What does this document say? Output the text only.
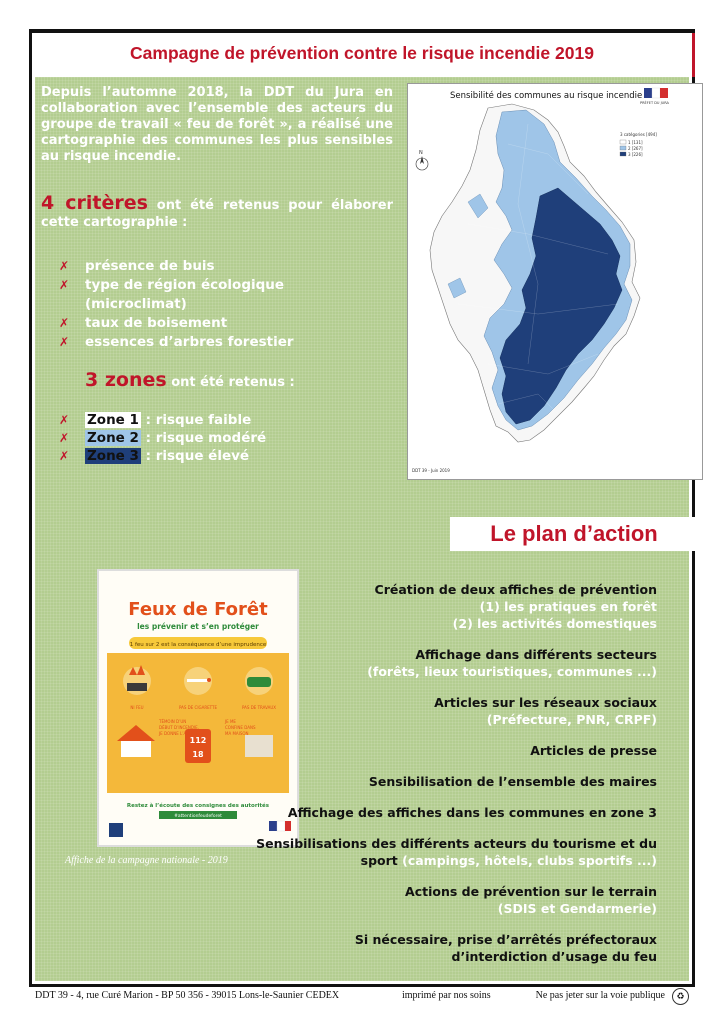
Campagne de prévention contre le risque incendie 2019
Depuis l’automne 2018, la DDT du Jura en collaboration avec l’ensemble des acteurs du groupe de travail « feu de forêt », a réalisé une cartographie des communes les plus sensibles au risque incendie.
4 critères ont été retenus pour élaborer cette cartographie :
✗ présence de buis
✗ type de région écologique (microclimat)
✗ taux de boisement
✗ essences d’arbres forestier
3 zones ont été retenus :
✗ Zone 1 : risque faible
✗ Zone 2 : risque modéré
✗ Zone 3 : risque élevé
Sensibilité des communes au risque incendie
PRÉFET DU JURA
3 catégories [494]
1 [131]
2 [267]
3 [226]
N
DDT 39 - Juin 2019
Le plan d’action
Feux de Forêt
les prévenir et s’en protéger
1 feu sur 2 est la conséquence d’une imprudence
112
18
NI FEU	PAS DE CIGARETTE	PAS DE TRAVAUX
TÉMOIN D’UN
DÉBUT D’INCENDIE,
JE DONNE L’ALERTE
JE ME
CONFINE DANS
MA MAISON
Restez à l’écoute des consignes des autorités
#attentionfeudeforet
Affiche de la campagne nationale - 2019
Création de deux affiches de prévention
(1) les pratiques en forêt
(2) les activités domestiques
Affichage dans différents secteurs
(forêts, lieux touristiques, communes ...)
Articles sur les réseaux sociaux
(Préfecture, PNR, CRPF)
Articles de presse
Sensibilisation de l’ensemble des maires
Affichage des affiches dans les communes en zone 3
Sensibilisations des différents acteurs du tourisme et du sport (campings, hôtels, clubs sportifs ...)
Actions de prévention sur le terrain
(SDIS et Gendarmerie)
Si nécessaire, prise d’arrêtés préfectoraux d’interdiction d’usage du feu
DDT 39 - 4, rue Curé Marion - BP 50 356 - 39015 Lons-le-Saunier CEDEX	imprimé par nos soins	Ne pas jeter sur la voie publique	♻
